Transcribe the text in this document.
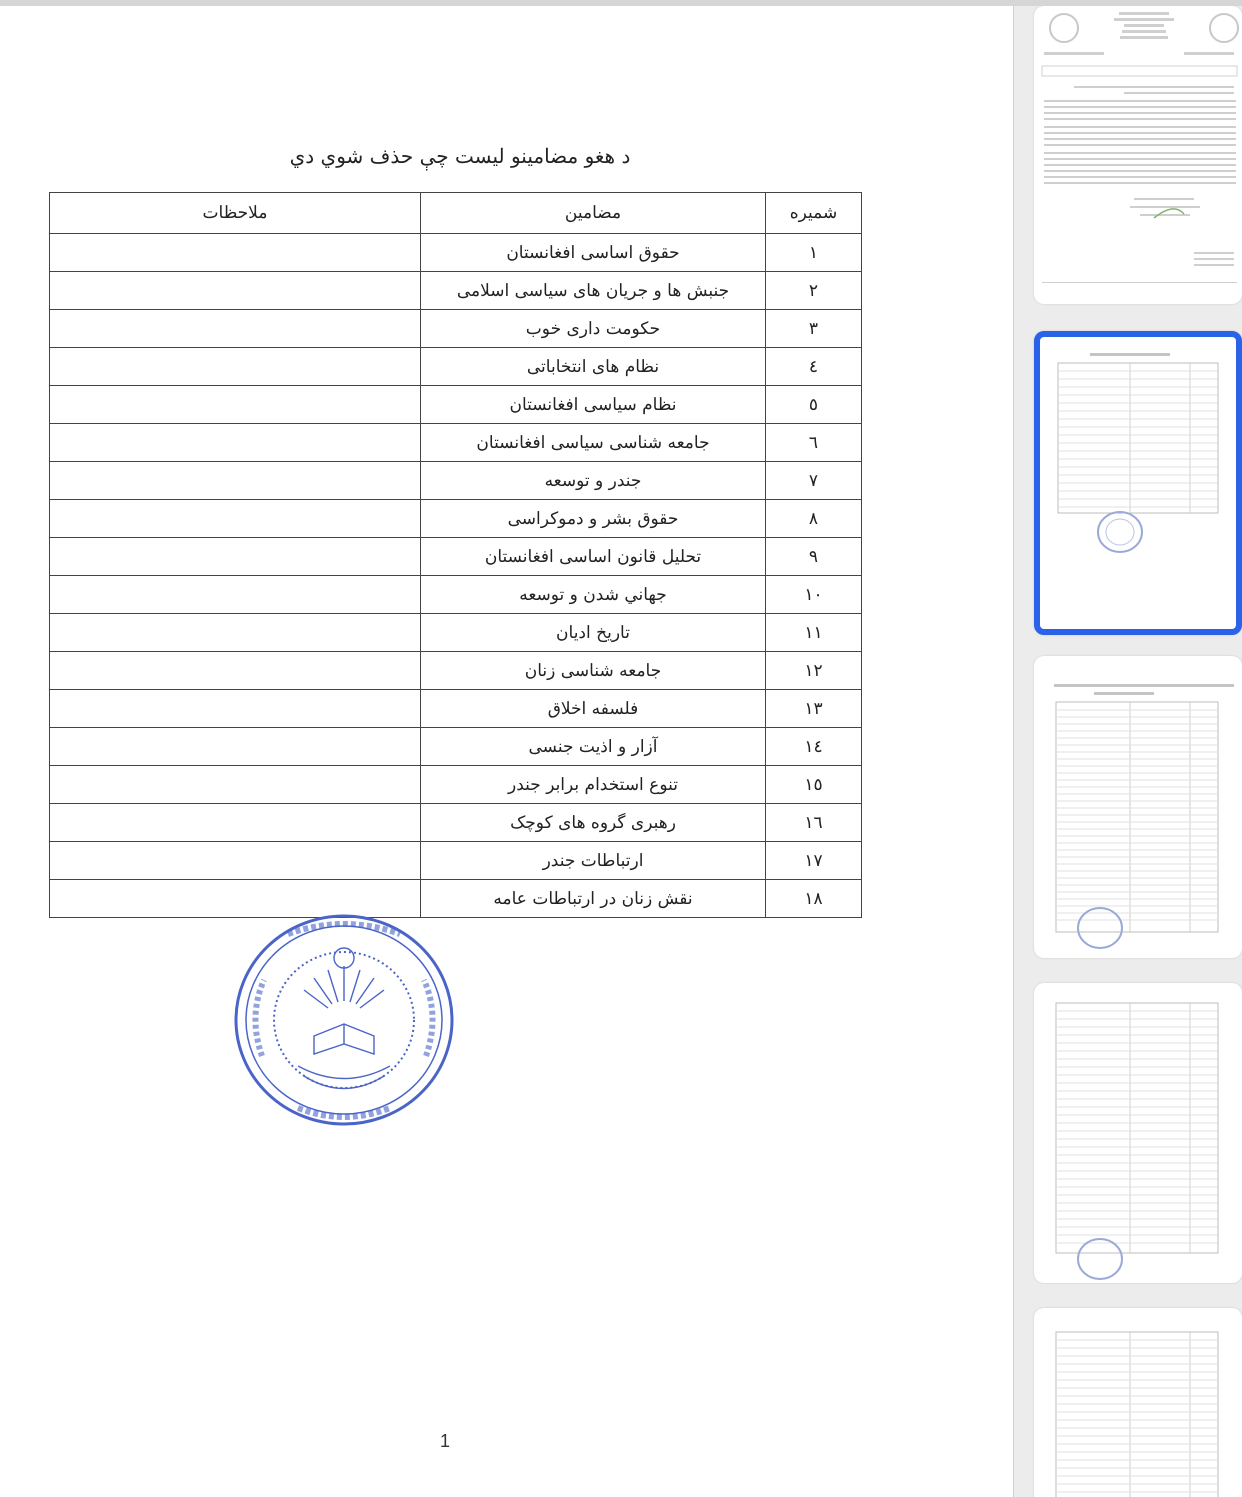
د هغو مضامینو لیست چې حذف شوي دي
شمیره	مضامین	ملاحظات
۱	حقوق اساسی افغانستان	
۲	جنبش ها و جریان های سیاسی اسلامی	
۳	حکومت داری خوب	
٤	نظام های انتخاباتی	
٥	نظام سیاسی افغانستان	
٦	جامعه شناسی سیاسی افغانستان	
۷	جندر و توسعه	
۸	حقوق بشر و دموکراسی	
۹	تحلیل قانون اساسی افغانستان	
۱۰	جهاني شدن و توسعه	
۱۱	تاریخ ادیان	
۱۲	جامعه شناسی زنان	
۱۳	فلسفه اخلاق	
١٤	آزار و اذیت جنسی	
١٥	تنوع استخدام برابر جندر	
١٦	رهبری گروه های کوچک	
۱۷	ارتباطات جندر	
۱۸	نقش زنان در ارتباطات عامه	
1
